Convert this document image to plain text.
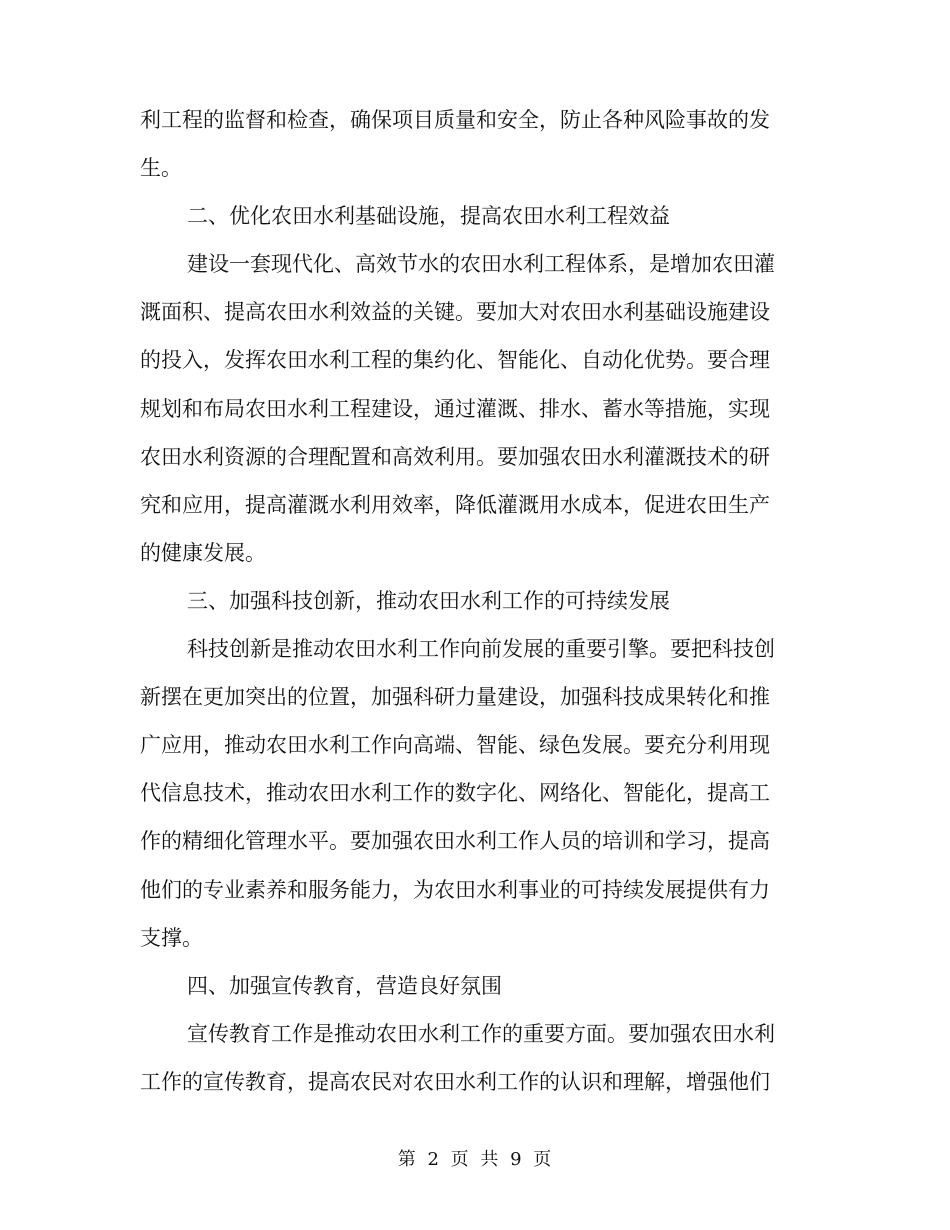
利工程的监督和检查，确保项目质量和安全，防止各种风险事故的发
生。
二、优化农田水利基础设施，提高农田水利工程效益
建设一套现代化、高效节水的农田水利工程体系，是增加农田灌
溉面积、提高农田水利效益的关键。要加大对农田水利基础设施建设
的投入，发挥农田水利工程的集约化、智能化、自动化优势。要合理
规划和布局农田水利工程建设，通过灌溉、排水、蓄水等措施，实现
农田水利资源的合理配置和高效利用。要加强农田水利灌溉技术的研
究和应用，提高灌溉水利用效率，降低灌溉用水成本，促进农田生产
的健康发展。
三、加强科技创新，推动农田水利工作的可持续发展
科技创新是推动农田水利工作向前发展的重要引擎。要把科技创
新摆在更加突出的位置，加强科研力量建设，加强科技成果转化和推
广应用，推动农田水利工作向高端、智能、绿色发展。要充分利用现
代信息技术，推动农田水利工作的数字化、网络化、智能化，提高工
作的精细化管理水平。要加强农田水利工作人员的培训和学习，提高
他们的专业素养和服务能力，为农田水利事业的可持续发展提供有力
支撑。
四、加强宣传教育，营造良好氛围
宣传教育工作是推动农田水利工作的重要方面。要加强农田水利
工作的宣传教育，提高农民对农田水利工作的认识和理解，增强他们
第 2 页 共 9 页
